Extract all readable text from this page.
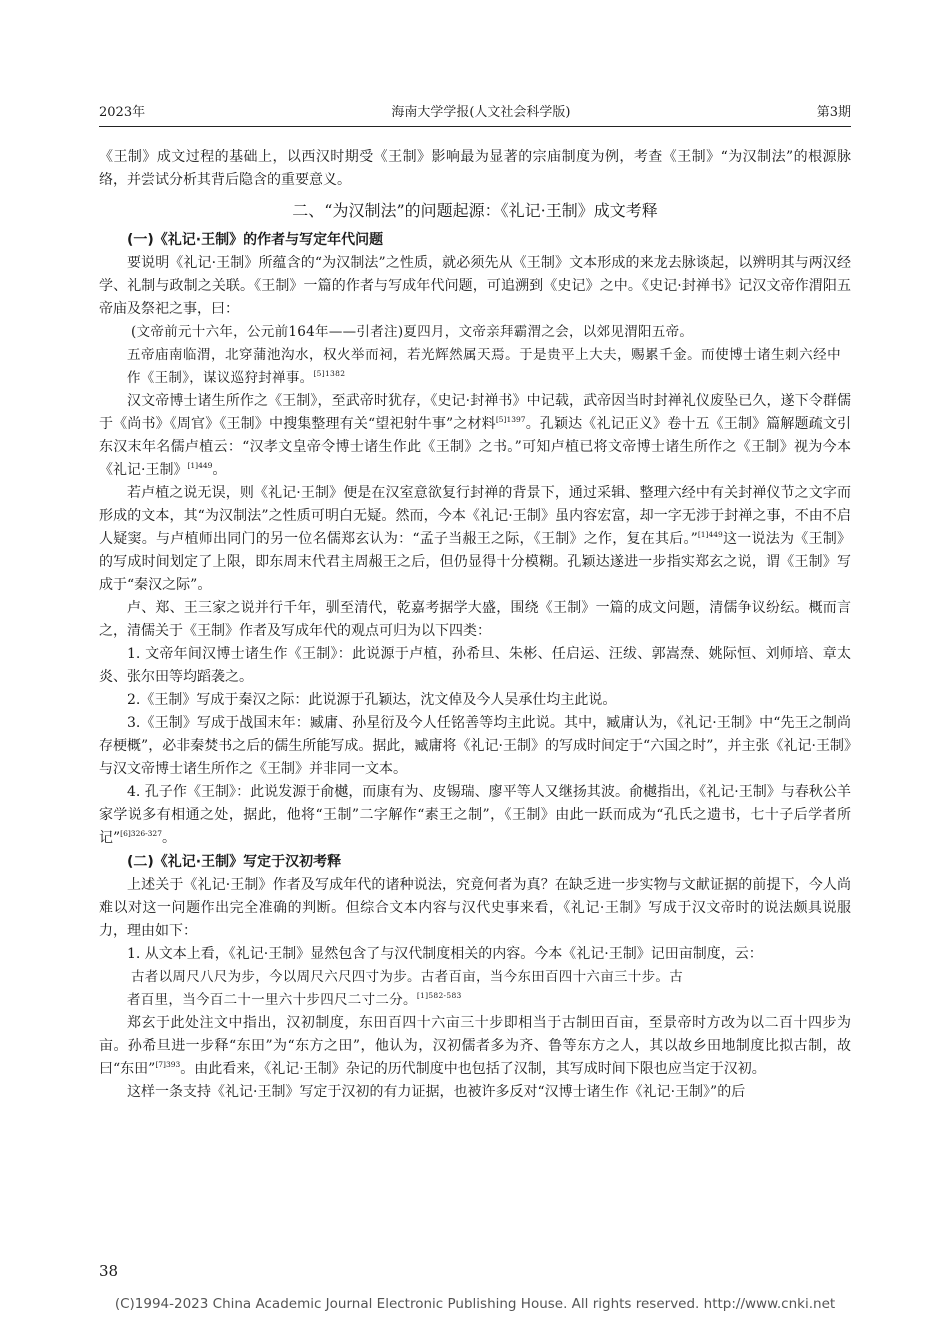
2023年	海南大学学报(人文社会科学版)	第3期

《王制》成文过程的基础上，以西汉时期受《王制》影响最为显著的宗庙制度为例，考查《王制》“为汉制法”的根源脉络，并尝试分析其背后隐含的重要意义。

二、“为汉制法”的问题起源：《礼记·王制》成文考释
(一)《礼记·王制》的作者与写定年代问题

要说明《礼记·王制》所蕴含的“为汉制法”之性质，就必须先从《王制》文本形成的来龙去脉谈起，以辨明其与两汉经学、礼制与政制之关联。《王制》一篇的作者与写成年代问题，可追溯到《史记》之中。《史记·封禅书》记汉文帝作渭阳五帝庙及祭祀之事，曰：

(文帝前元十六年，公元前164年——引者注)夏四月，文帝亲拜霸渭之会，以郊见渭阳五帝。

五帝庙南临渭，北穿蒲池沟水，权火举而祠，若光辉然属天焉。于是贵平上大夫，赐累千金。而使博士诸生刺六经中作《王制》，谋议巡狩封禅事。$^{[5]1382}$

汉文帝博士诸生所作之《王制》，至武帝时犹存，《史记·封禅书》中记载，武帝因当时封禅礼仪废坠已久，遂下令群儒于《尚书》《周官》《王制》中搜集整理有关“望祀射牛事”之材料$^{[5]1397}$。孔颖达《礼记正义》卷十五《王制》篇解题疏文引东汉末年名儒卢植云：“汉孝文皇帝令博士诸生作此《王制》之书。”可知卢植已将文帝博士诸生所作之《王制》视为今本《礼记·王制》$^{[1]449}$。

若卢植之说无误，则《礼记·王制》便是在汉室意欲复行封禅的背景下，通过采辑、整理六经中有关封禅仪节之文字而形成的文本，其“为汉制法”之性质可明白无疑。然而，今本《礼记·王制》虽内容宏富，却一字无涉于封禅之事，不由不启人疑窦。与卢植师出同门的另一位名儒郑玄认为：“孟子当赧王之际，《王制》之作，复在其后。”$^{[1]449}$这一说法为《王制》的写成时间划定了上限，即东周末代君主周赧王之后，但仍显得十分模糊。孔颖达遂进一步指实郑玄之说，谓《王制》写成于“秦汉之际”。

卢、郑、王三家之说并行千年，驯至清代，乾嘉考据学大盛，围绕《王制》一篇的成文问题，清儒争议纷纭。概而言之，清儒关于《王制》作者及写成年代的观点可归为以下四类：

1. 文帝年间汉博士诸生作《王制》：此说源于卢植，孙希旦、朱彬、任启运、汪绂、郭嵩焘、姚际恒、刘师培、章太炎、张尔田等均蹈袭之。

2.《王制》写成于秦汉之际：此说源于孔颖达，沈文倬及今人吴承仕均主此说。

3.《王制》写成于战国末年：臧庸、孙星衍及今人任铭善等均主此说。其中，臧庸认为，《礼记·王制》中“先王之制尚存梗概”，必非秦焚书之后的儒生所能写成。据此，臧庸将《礼记·王制》的写成时间定于“六国之时”，并主张《礼记·王制》与汉文帝博士诸生所作之《王制》并非同一文本。

4. 孔子作《王制》：此说发源于俞樾，而康有为、皮锡瑞、廖平等人又继扬其波。俞樾指出，《礼记·王制》与春秋公羊家学说多有相通之处，据此，他将“王制”二字解作“素王之制”，《王制》由此一跃而成为“孔氏之遗书，七十子后学者所记”$^{[6]326-327}$。

(二)《礼记·王制》写定于汉初考释

上述关于《礼记·王制》作者及写成年代的诸种说法，究竟何者为真？在缺乏进一步实物与文献证据的前提下，今人尚难以对这一问题作出完全准确的判断。但综合文本内容与汉代史事来看，《礼记·王制》写成于汉文帝时的说法颇具说服力，理由如下：

1. 从文本上看，《礼记·王制》显然包含了与汉代制度相关的内容。今本《礼记·王制》记田亩制度，云：

古者以周尺八尺为步，今以周尺六尺四寸为步。古者百亩，当今东田百四十六亩三十步。古

者百里，当今百二十一里六十步四尺二寸二分。$^{[1]582-583}$

郑玄于此处注文中指出，汉初制度，东田百四十六亩三十步即相当于古制田百亩，至景帝时方改为以二百十四步为亩。孙希旦进一步释“东田”为“东方之田”，他认为，汉初儒者多为齐、鲁等东方之人，其以故乡田地制度比拟古制，故曰“东田”$^{[7]393}$。由此看来，《礼记·王制》杂记的历代制度中也包括了汉制，其写成时间下限也应当定于汉初。

这样一条支持《礼记·王制》写定于汉初的有力证据，也被许多反对“汉博士诸生作《礼记·王制》”的后

38
(C)1994-2023 China Academic Journal Electronic Publishing House. All rights reserved. http://www.cnki.net
